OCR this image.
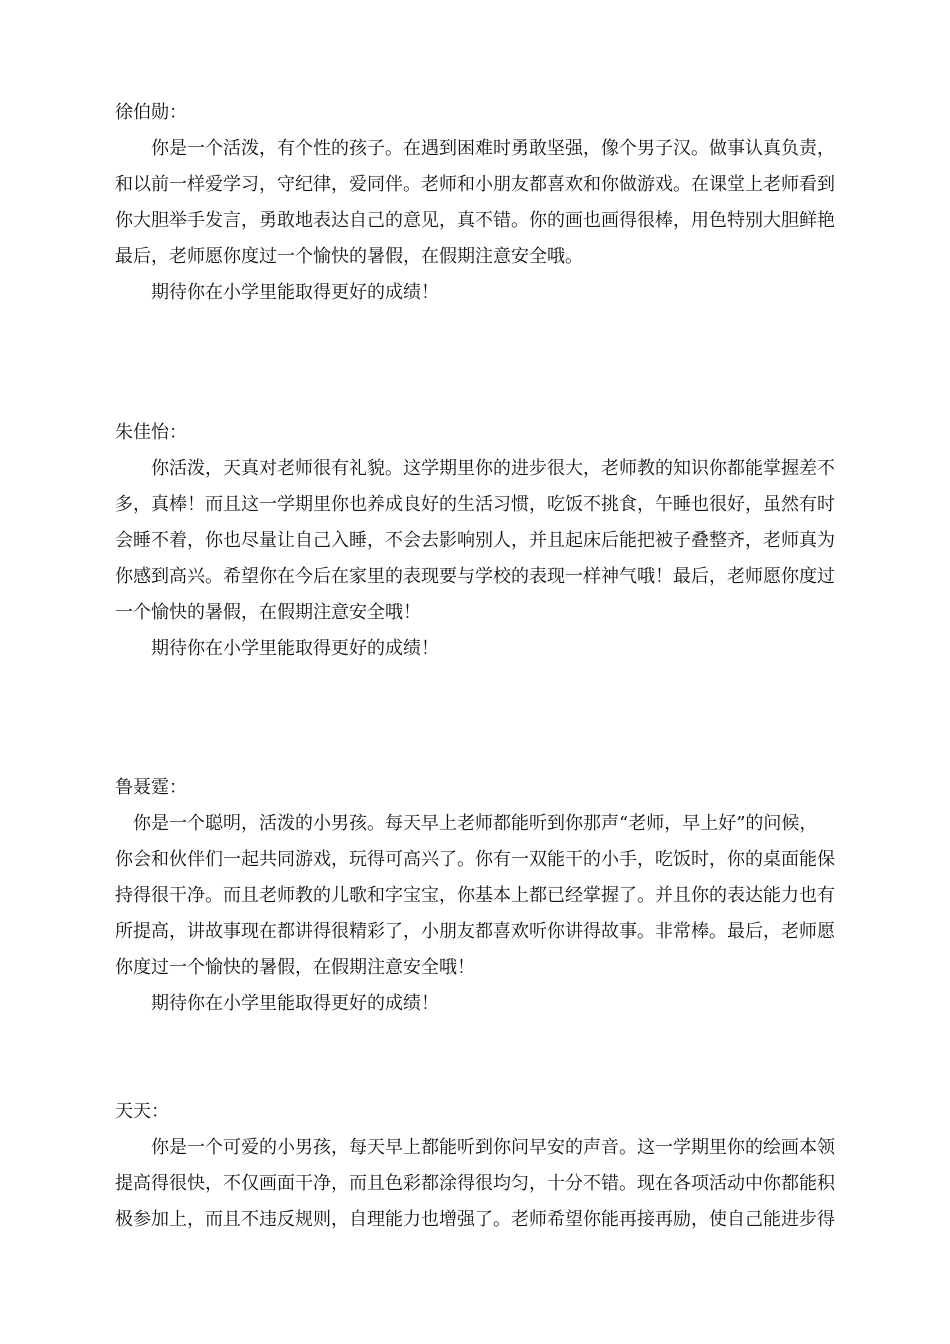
徐伯勋：
你是一个活泼，有个性的孩子。在遇到困难时勇敢坚强，像个男子汉。做事认真负责，
和以前一样爱学习，守纪律，爱同伴。老师和小朋友都喜欢和你做游戏。在课堂上老师看到
你大胆举手发言，勇敢地表达自己的意见，真不错。你的画也画得很棒，用色特别大胆鲜艳
最后，老师愿你度过一个愉快的暑假，在假期注意安全哦。
期待你在小学里能取得更好的成绩！
朱佳怡：
你活泼，天真对老师很有礼貌。这学期里你的进步很大，老师教的知识你都能掌握差不
多，真棒！而且这一学期里你也养成良好的生活习惯，吃饭不挑食，午睡也很好，虽然有时
会睡不着，你也尽量让自己入睡，不会去影响别人，并且起床后能把被子叠整齐，老师真为
你感到高兴。希望你在今后在家里的表现要与学校的表现一样神气哦！最后，老师愿你度过
一个愉快的暑假，在假期注意安全哦！
期待你在小学里能取得更好的成绩！
鲁聂霆：
你是一个聪明，活泼的小男孩。每天早上老师都能听到你那声“老师，早上好”的问候，
你会和伙伴们一起共同游戏，玩得可高兴了。你有一双能干的小手，吃饭时，你的桌面能保
持得很干净。而且老师教的儿歌和字宝宝，你基本上都已经掌握了。并且你的表达能力也有
所提高，讲故事现在都讲得很精彩了，小朋友都喜欢听你讲得故事。非常棒。最后，老师愿
你度过一个愉快的暑假，在假期注意安全哦！
期待你在小学里能取得更好的成绩！
天天：
你是一个可爱的小男孩，每天早上都能听到你问早安的声音。这一学期里你的绘画本领
提高得很快，不仅画面干净，而且色彩都涂得很均匀，十分不错。现在各项活动中你都能积
极参加上，而且不违反规则，自理能力也增强了。老师希望你能再接再励，使自己能进步得
